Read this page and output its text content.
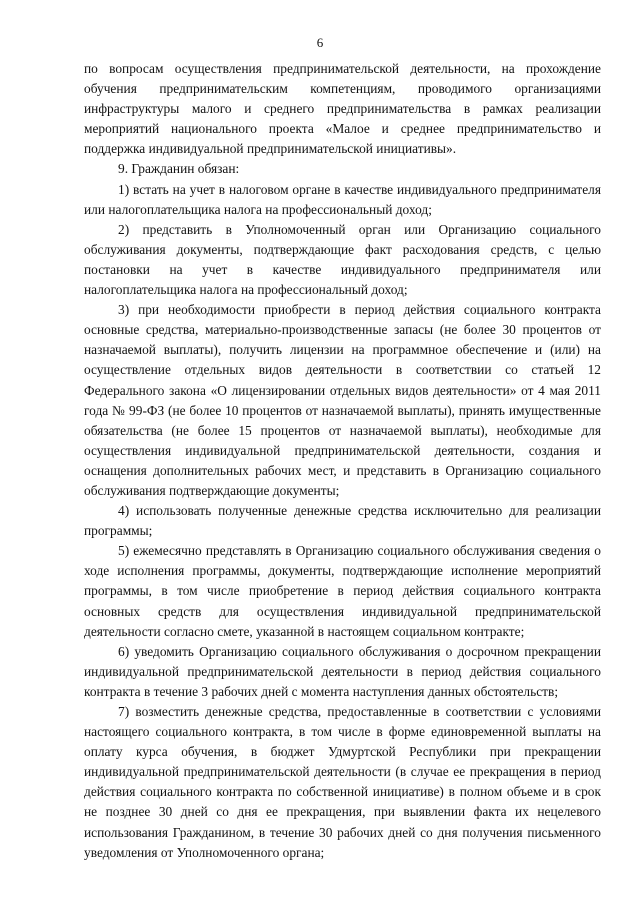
6

по вопросам осуществления предпринимательской деятельности, на прохождение обучения предпринимательским компетенциям, проводимого организациями инфраструктуры малого и среднего предпринимательства в рамках реализации мероприятий национального проекта «Малое и среднее предпринимательство и поддержка индивидуальной предпринимательской инициативы».

9. Гражданин обязан:

1) встать на учет в налоговом органе в качестве индивидуального предпринимателя или налогоплательщика налога на профессиональный доход;

2) представить в Уполномоченный орган или Организацию социального обслуживания документы, подтверждающие факт расходования средств, с целью постановки на учет в качестве индивидуального предпринимателя или налогоплательщика налога на профессиональный доход;

3) при необходимости приобрести в период действия социального контракта основные средства, материально-производственные запасы (не более 30 процентов от назначаемой выплаты), получить лицензии на программное обеспечение и (или) на осуществление отдельных видов деятельности в соответствии со статьей 12 Федерального закона «О лицензировании отдельных видов деятельности» от 4 мая 2011 года № 99-ФЗ (не более 10 процентов от назначаемой выплаты), принять имущественные обязательства (не более 15 процентов от назначаемой выплаты), необходимые для осуществления индивидуальной предпринимательской деятельности, создания и оснащения дополнительных рабочих мест, и представить в Организацию социального обслуживания подтверждающие документы;

4) использовать полученные денежные средства исключительно для реализации программы;

5) ежемесячно представлять в Организацию социального обслуживания сведения о ходе исполнения программы, документы, подтверждающие исполнение мероприятий программы, в том числе приобретение в период действия социального контракта основных средств для осуществления индивидуальной предпринимательской деятельности согласно смете, указанной в настоящем социальном контракте;

6) уведомить Организацию социального обслуживания о досрочном прекращении индивидуальной предпринимательской деятельности в период действия социального контракта в течение 3 рабочих дней с момента наступления данных обстоятельств;

7) возместить денежные средства, предоставленные в соответствии с условиями настоящего социального контракта, в том числе в форме единовременной выплаты на оплату курса обучения, в бюджет Удмуртской Республики при прекращении индивидуальной предпринимательской деятельности (в случае ее прекращения в период действия социального контракта по собственной инициативе) в полном объеме и в срок не позднее 30 дней со дня ее прекращения, при выявлении факта их нецелевого использования Гражданином, в течение 30 рабочих дней со дня получения письменного уведомления от Уполномоченного органа;
